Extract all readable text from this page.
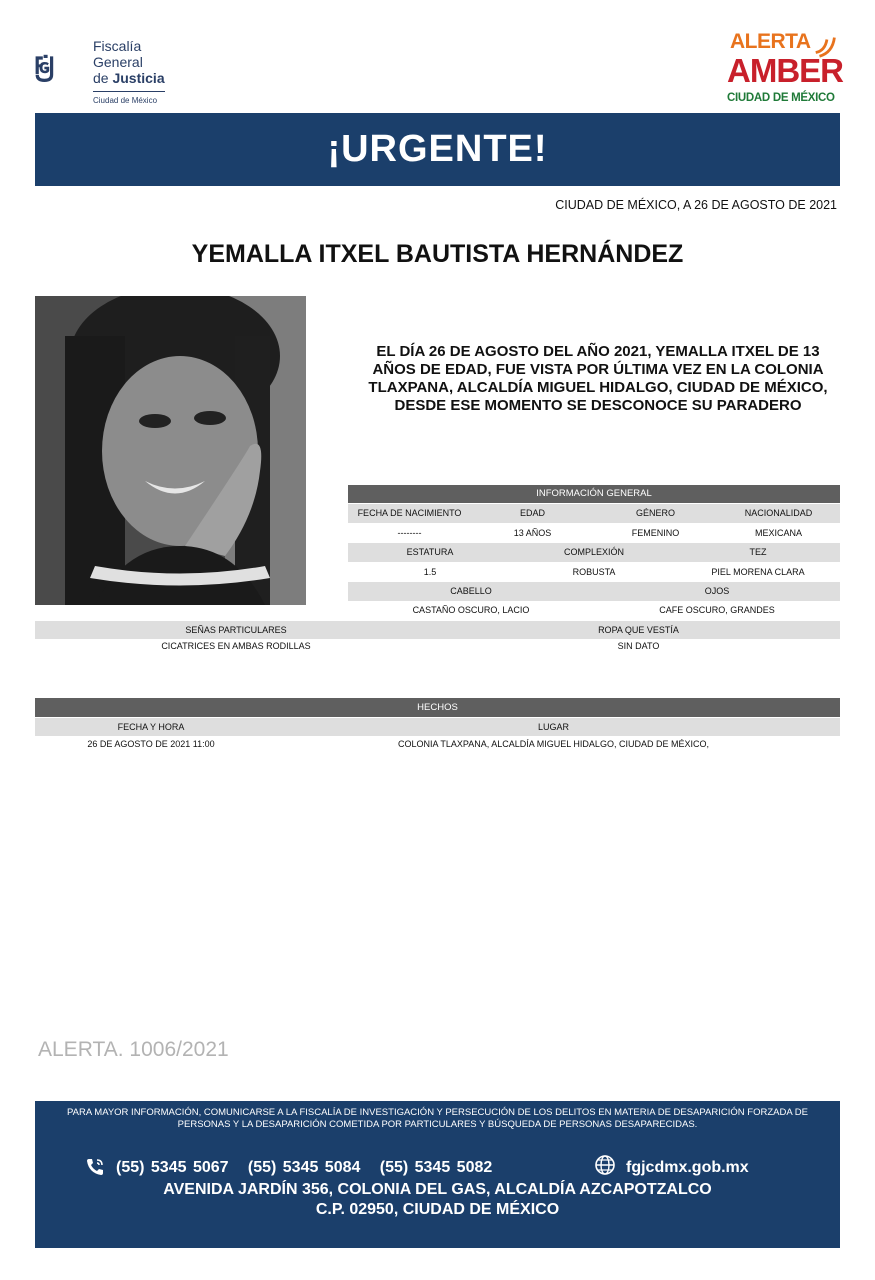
Fiscalía
General
de Justicia
Ciudad de México
ALERTA
AMBER
CIUDAD DE MÉXICO
¡URGENTE!
CIUDAD DE MÉXICO, A 26 DE AGOSTO DE 2021
YEMALLA ITXEL BAUTISTA HERNÁNDEZ
EL DÍA 26 DE AGOSTO DEL AÑO 2021, YEMALLA ITXEL DE 13 AÑOS DE EDAD, FUE VISTA POR ÚLTIMA VEZ EN LA COLONIA TLAXPANA, ALCALDÍA MIGUEL HIDALGO, CIUDAD DE MÉXICO, DESDE ESE MOMENTO SE DESCONOCE SU PARADERO
INFORMACIÓN GENERAL
FECHA DE NACIMIENTO	EDAD	GÉNERO	NACIONALIDAD
--------	13 AÑOS	FEMENINO	MEXICANA
ESTATURA	COMPLEXIÓN	TEZ
1.5	ROBUSTA	PIEL MORENA CLARA
CABELLO	OJOS
CASTAÑO OSCURO, LACIO	CAFE OSCURO, GRANDES
SEÑAS PARTICULARES	ROPA QUE VESTÍA
CICATRICES EN AMBAS RODILLAS	SIN DATO
HECHOS
FECHA Y HORA	LUGAR
26 DE AGOSTO DE 2021 11:00	COLONIA TLAXPANA, ALCALDÍA MIGUEL HIDALGO, CIUDAD DE MÉXICO,
ALERTA. 1006/2021
PARA MAYOR INFORMACIÓN, COMUNICARSE A LA FISCALÍA DE INVESTIGACIÓN Y PERSECUCIÓN DE LOS DELITOS EN MATERIA DE DESAPARICIÓN FORZADA DE PERSONAS Y LA DESAPARICIÓN COMETIDA POR PARTICULARES Y BÚSQUEDA DE PERSONAS DESAPARECIDAS.
(55) 5345 5067   (55) 5345 5084   (55) 5345 5082	fgjcdmx.gob.mx
AVENIDA JARDÍN 356, COLONIA DEL GAS, ALCALDÍA AZCAPOTZALCO
C.P. 02950, CIUDAD DE MÉXICO
